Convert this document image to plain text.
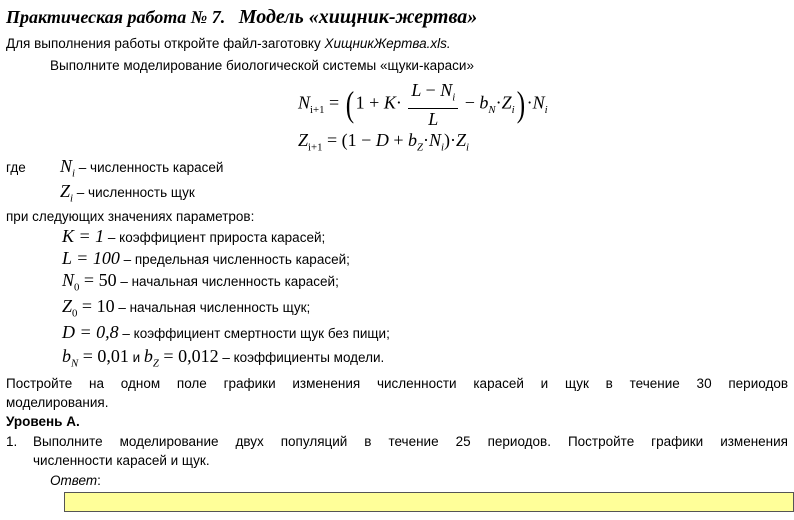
Практическая работа № 7. Модель «хищник-жертва»
Для выполнения работы откройте файл-заготовку ХищникЖертва.xls.
Выполните моделирование биологической системы «щуки-караси»
$N_{i+1} = (1 + K\cdot \frac{L - N_i}{L} - b_N\cdot Z_i)\cdot N_i$
$Z_{i+1} = (1 - D + b_Z\cdot N_i)\cdot Z_i$
где $N_i$ – численность карасей
$Z_i$ – численность щук
при следующих значениях параметров:
K = 1 – коэффициент прироста карасей;
L = 100 – предельная численность карасей;
$N_0 = 50$ – начальная численность карасей;
$Z_0 = 10$ – начальная численность щук;
D = 0,8 – коэффициент смертности щук без пищи;
$b_N = 0,01$ и $b_Z = 0,012$ – коэффициенты модели.
Постройте на одном поле графики изменения численности карасей и щук в течение 30 периодов
моделирования.
Уровень А.
1. Выполните моделирование двух популяций в течение 25 периодов. Постройте графики изменения
численности карасей и щук.
Ответ:
